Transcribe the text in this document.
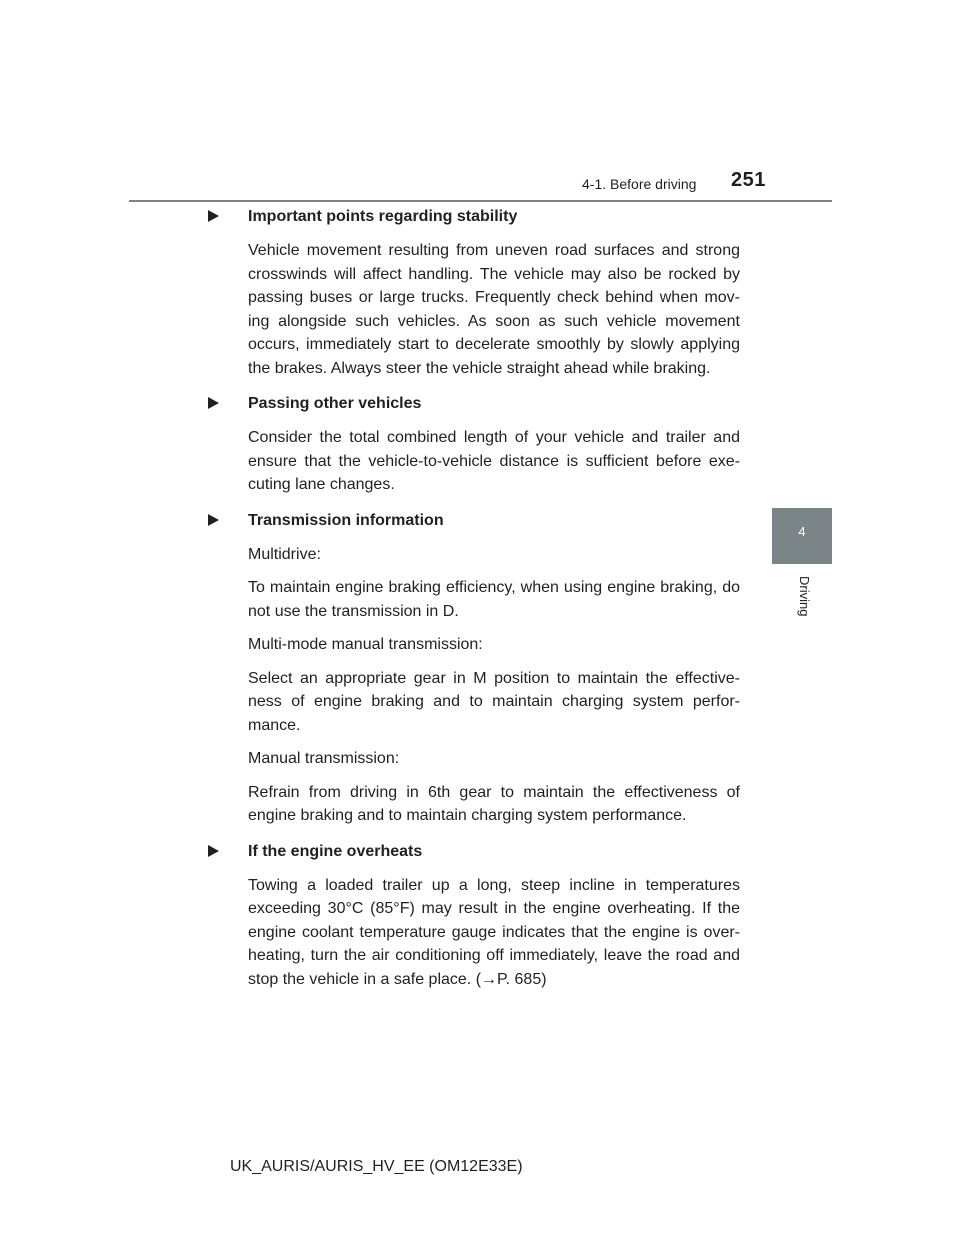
4-1. Before driving 251
4
Driving
Important points regarding stability

Vehicle movement resulting from uneven road surfaces and strong crosswinds will affect handling. The vehicle may also be rocked by passing buses or large trucks. Frequently check behind when mov-ing alongside such vehicles. As soon as such vehicle movement occurs, immediately start to decelerate smoothly by slowly applying the brakes. Always steer the vehicle straight ahead while braking.

Passing other vehicles

Consider the total combined length of your vehicle and trailer and ensure that the vehicle-to-vehicle distance is sufficient before exe-cuting lane changes.

Transmission information

Multidrive:

To maintain engine braking efficiency, when using engine braking, do not use the transmission in D.

Multi-mode manual transmission:

Select an appropriate gear in M position to maintain the effective-ness of engine braking and to maintain charging system perfor-mance.

Manual transmission:

Refrain from driving in 6th gear to maintain the effectiveness of engine braking and to maintain charging system performance.

If the engine overheats

Towing a loaded trailer up a long, steep incline in temperatures exceeding 30°C (85°F) may result in the engine overheating. If the engine coolant temperature gauge indicates that the engine is over-heating, turn the air conditioning off immediately, leave the road and stop the vehicle in a safe place. (→P. 685)

UK_AURIS/AURIS_HV_EE (OM12E33E)
